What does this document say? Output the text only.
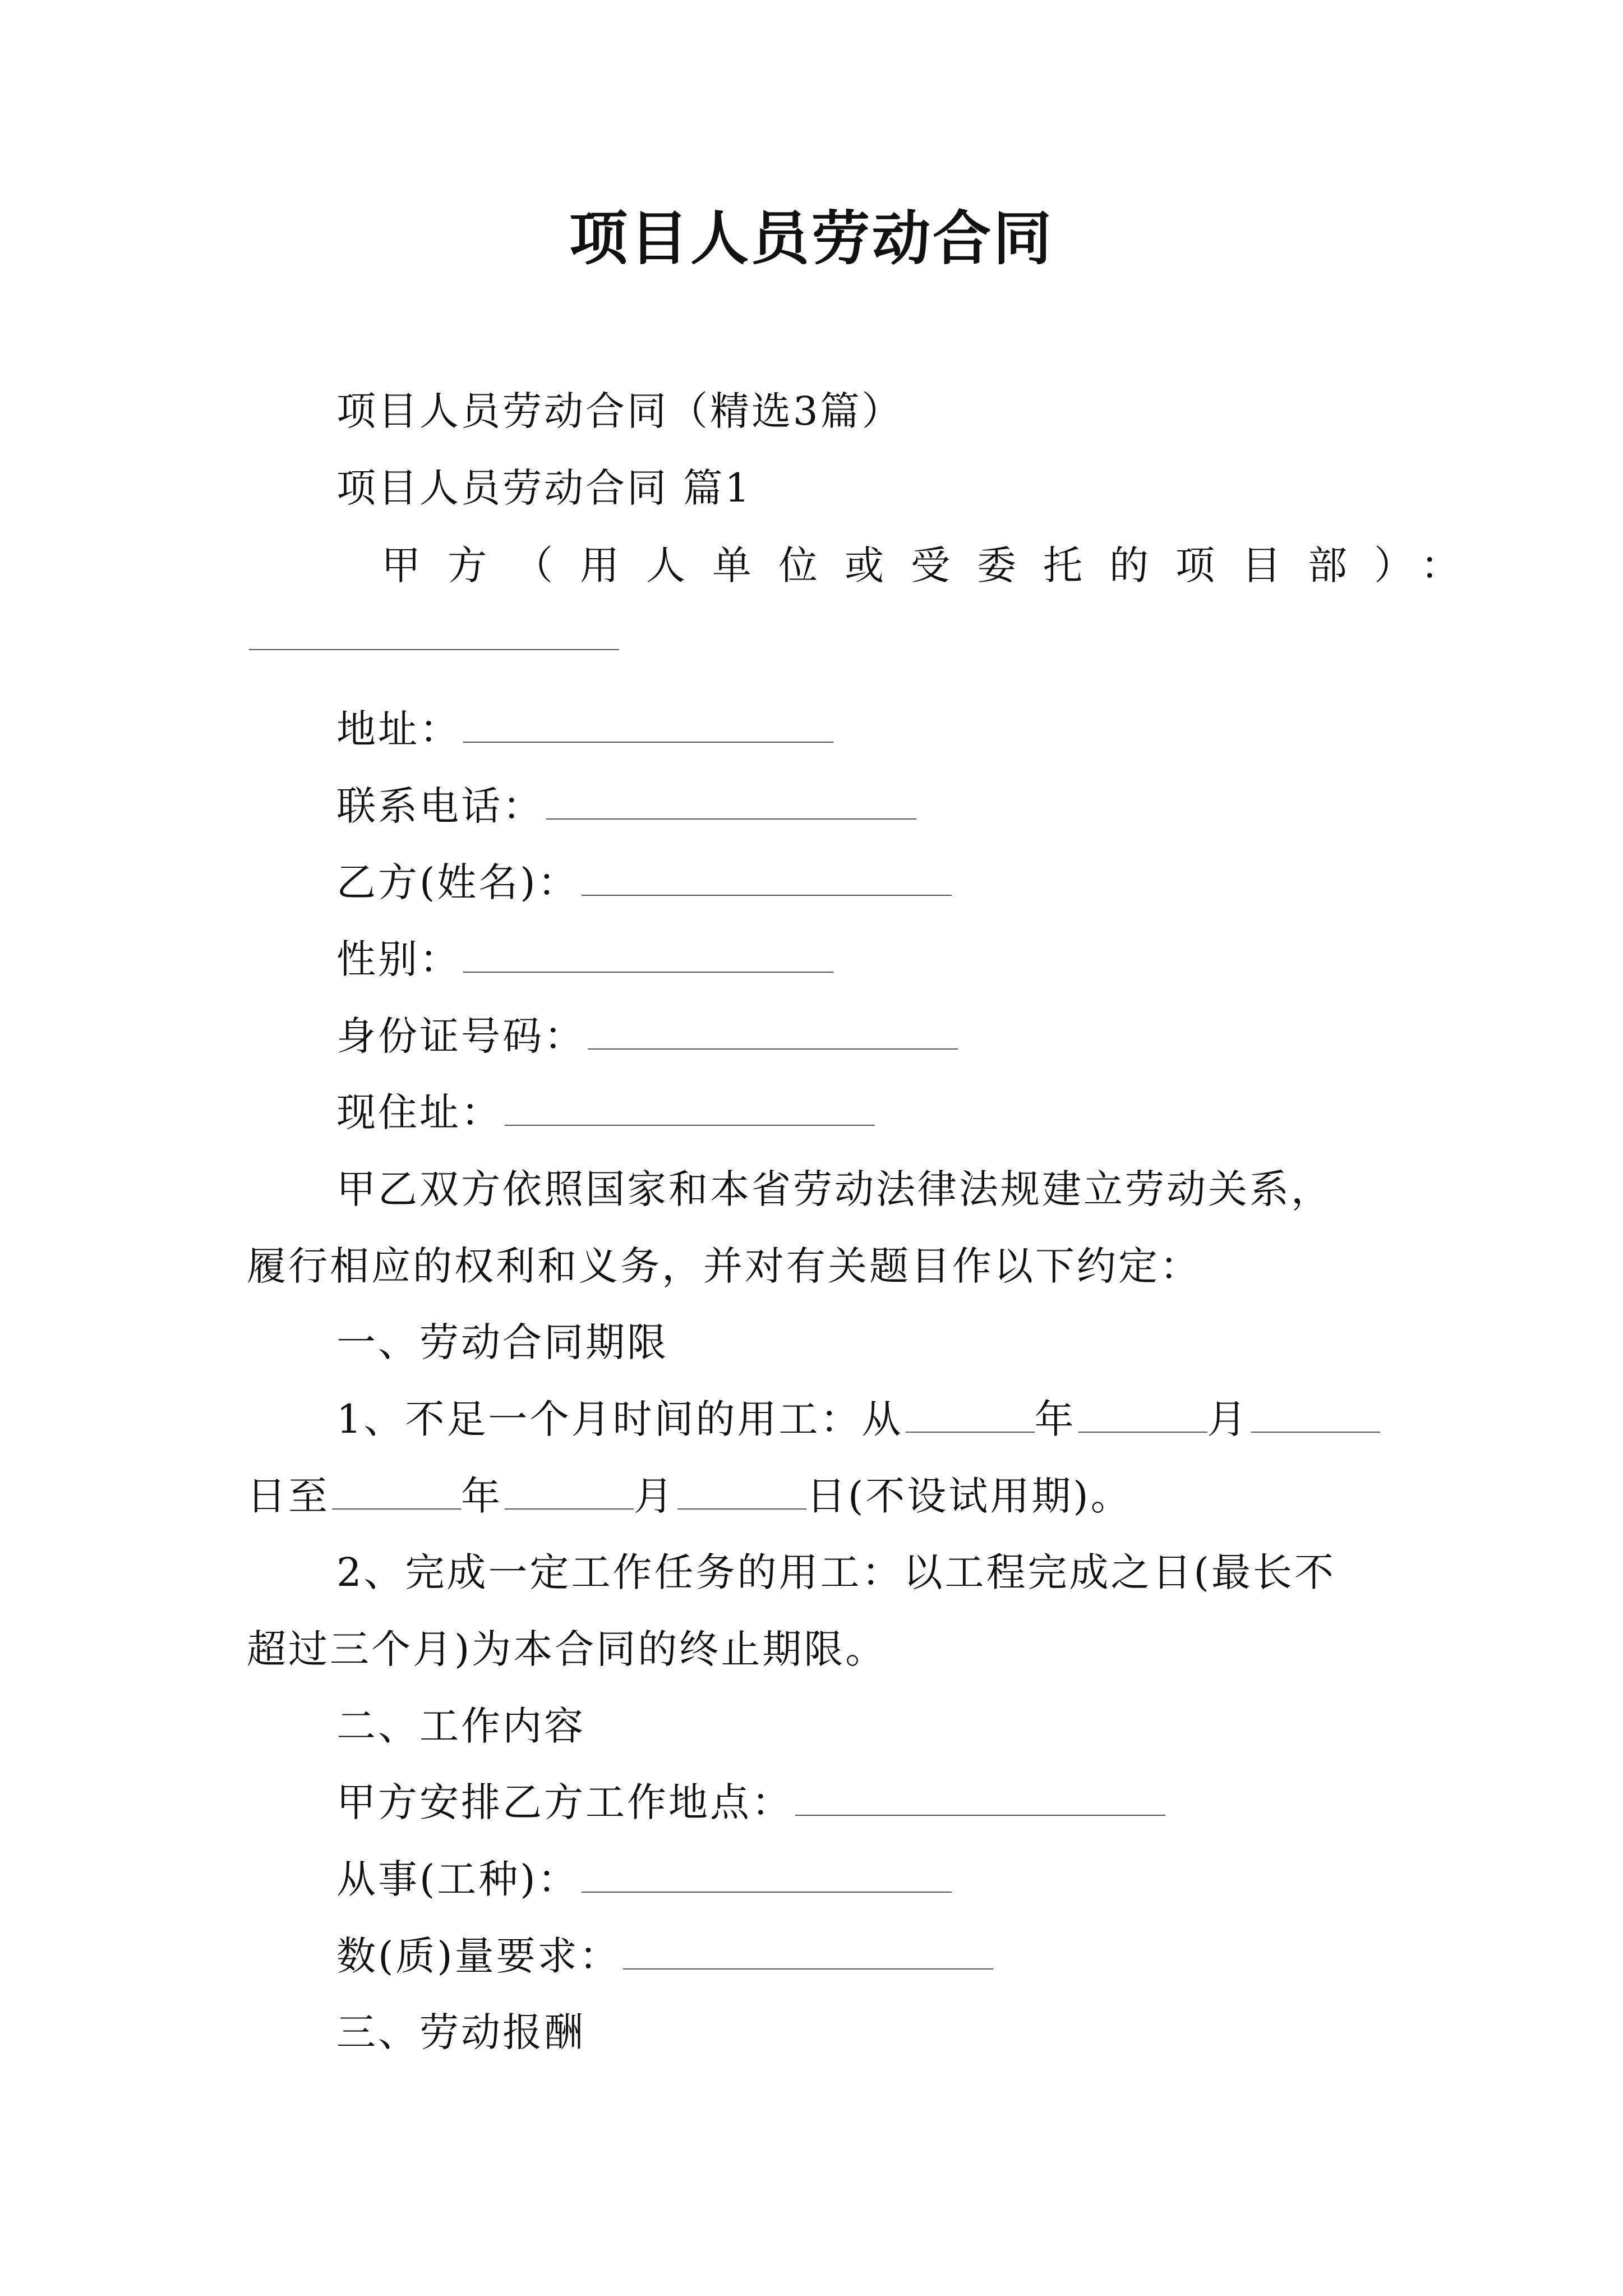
项目人员劳动合同
项目人员劳动合同（精选3篇）
项目人员劳动合同 篇1
甲方（用人单位或受委托的项目部）：
地址：
联系电话：
乙方(姓名)：
性别：
身份证号码：
现住址：
甲乙双方依照国家和本省劳动法律法规建立劳动关系，
履行相应的权利和义务，并对有关题目作以下约定：
一、劳动合同期限
1、不足一个月时间的用工：从	年	月
日至	年	月	日(不设试用期)。
2、完成一定工作任务的用工：以工程完成之日(最长不
超过三个月)为本合同的终止期限。
二、工作内容
甲方安排乙方工作地点：
从事(工种)：
数(质)量要求：
三、劳动报酬
